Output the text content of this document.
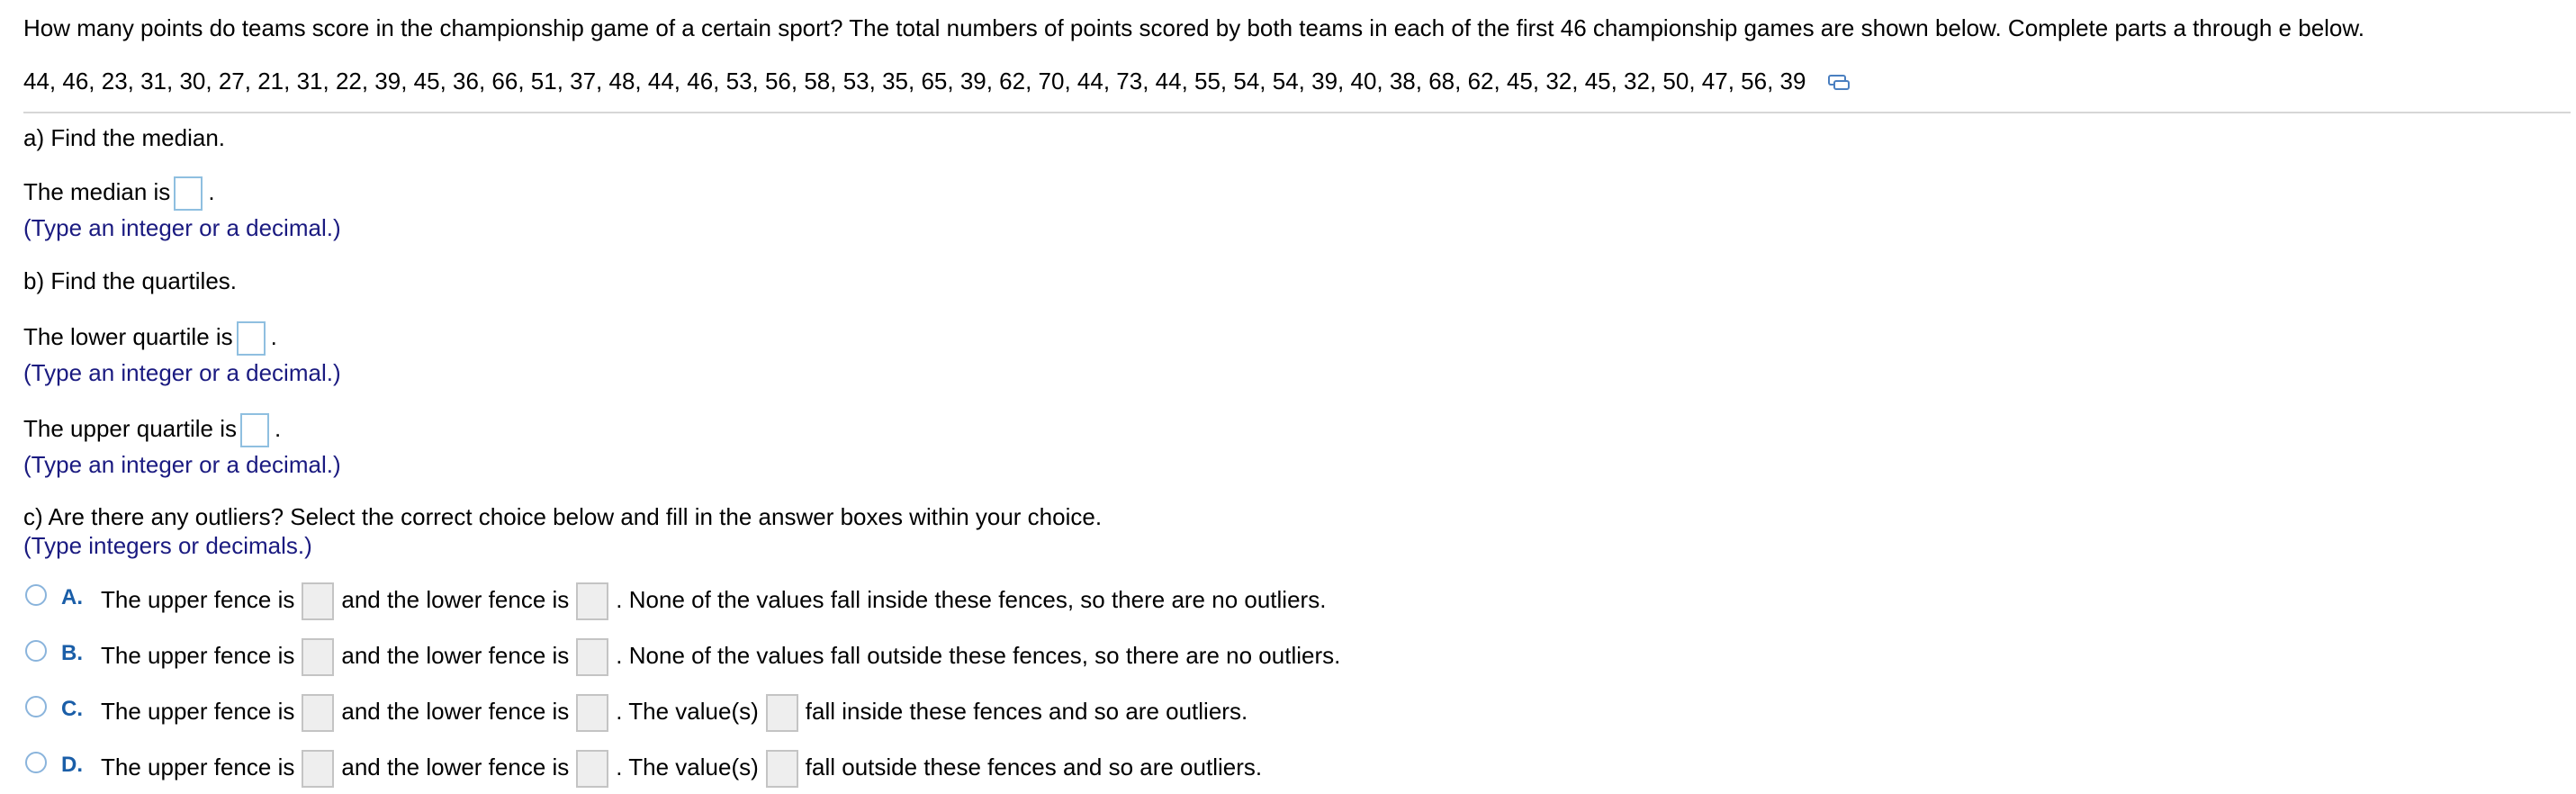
How many points do teams score in the championship game of a certain sport? The total numbers of points scored by both teams in each of the first 46 championship games are shown below. Complete parts a through e below.
44, 46, 23, 31, 30, 27, 21, 31, 22, 39, 45, 36, 66, 51, 37, 48, 44, 46, 53, 56, 58, 53, 35, 65, 39, 62, 70, 44, 73, 44, 55, 54, 54, 39, 40, 38, 68, 62, 45, 32, 45, 32, 50, 47, 56, 39
a) Find the median.
The median is .
(Type an integer or a decimal.)
b) Find the quartiles.
The lower quartile is .
(Type an integer or a decimal.)
The upper quartile is .
(Type an integer or a decimal.)
c) Are there any outliers? Select the correct choice below and fill in the answer boxes within your choice.
(Type integers or decimals.)
A. The upper fence is and the lower fence is . None of the values fall inside these fences, so there are no outliers.
B. The upper fence is and the lower fence is . None of the values fall outside these fences, so there are no outliers.
C. The upper fence is and the lower fence is . The value(s) fall inside these fences and so are outliers.
D. The upper fence is and the lower fence is . The value(s) fall outside these fences and so are outliers.
